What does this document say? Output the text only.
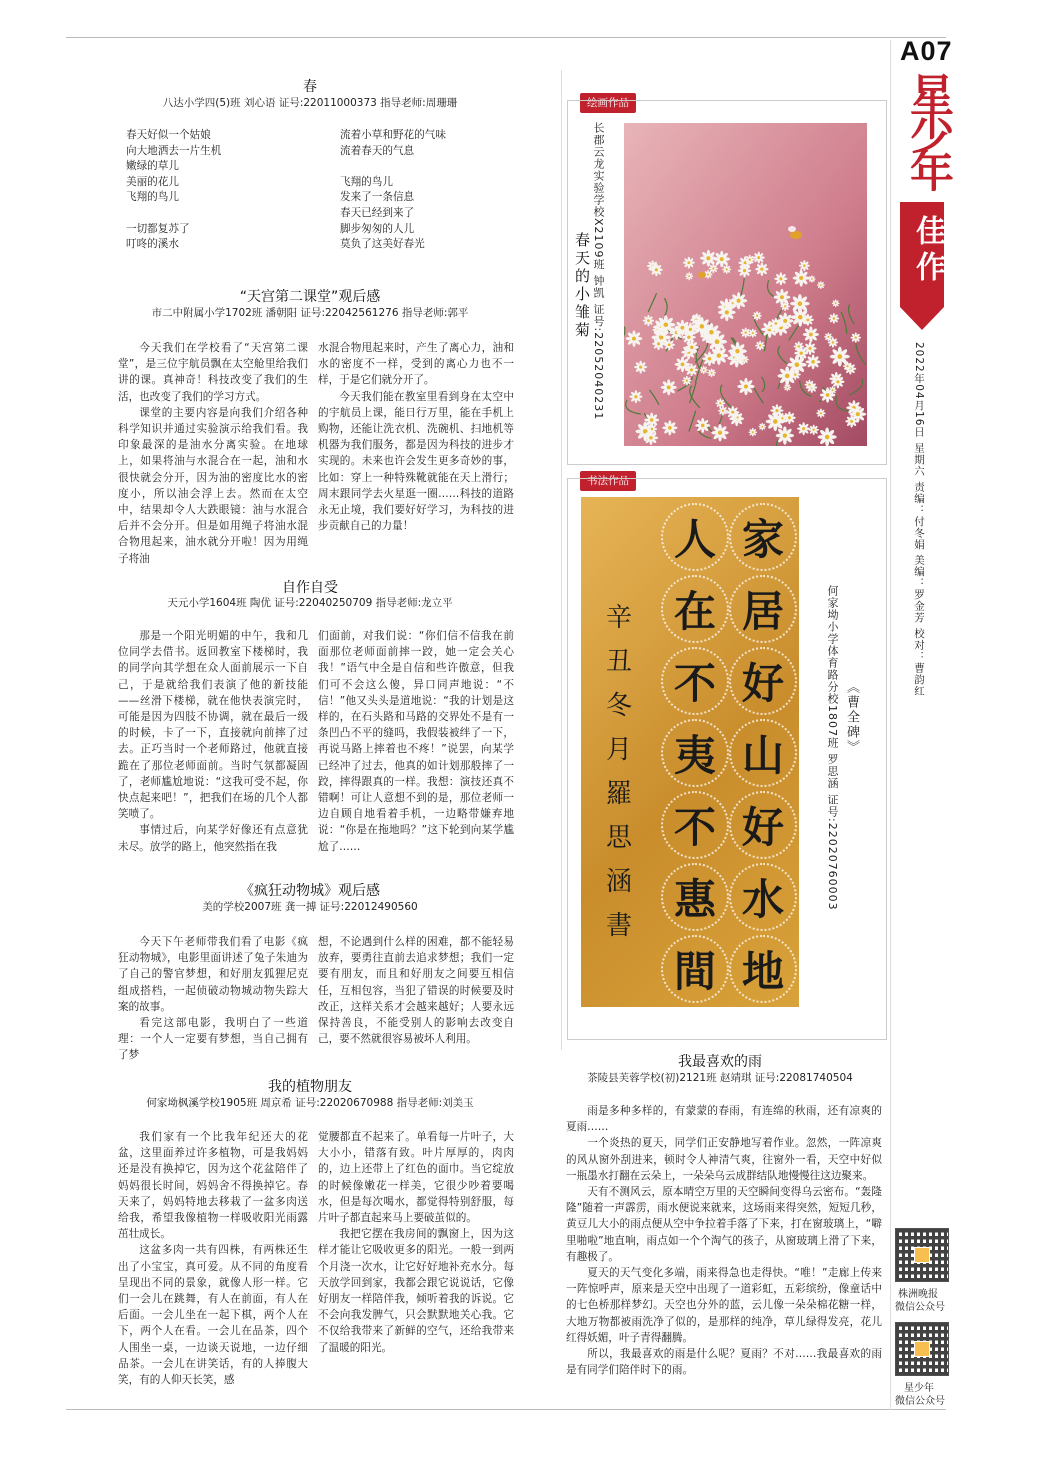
A07
星少年
佳作
2022年04月16日 星期六 责编：付冬娟 美编：罗金芳 校对：曹韵红
株洲晚报
微信公众号
星少年
微信公众号
春
八达小学四(5)班 刘心语 证号:22011000373 指导老师:周珊珊
春天好似一个姑娘
向大地洒去一片生机
嫩绿的草儿
美丽的花儿
飞翔的鸟儿
一切都复苏了
叮咚的溪水
流着小草和野花的气味
流着春天的气息
飞翔的鸟儿
发来了一条信息
春天已经到来了
脚步匆匆的人儿
莫负了这美好春光
“天宫第二课堂”观后感
市二中附属小学1702班 潘朝阳 证号:22042561276 指导老师:郭平

今天我们在学校看了“天宫第二课堂”，是三位宇航员飘在太空舱里给我们讲的课。真神奇！科技改变了我们的生活，也改变了我们的学习方式。

课堂的主要内容是向我们介绍各种科学知识并通过实验演示给我们看。我印象最深的是油水分离实验。在地球上，如果将油与水混合在一起，油和水很快就会分开，因为油的密度比水的密度小，所以油会浮上去。然而在太空中，结果却令人大跌眼镜：油与水混合后并不会分开。但是如用绳子将油水混合物甩起来，油水就分开啦！因为用绳子将油

水混合物甩起来时，产生了离心力，油和水的密度不一样，受到的离心力也不一样，于是它们就分开了。

今天我们能在教室里看到身在太空中的宇航员上课，能日行万里，能在手机上购物，还能让洗衣机、洗碗机、扫地机等机器为我们服务，都是因为科技的进步才实现的。未来也许会发生更多奇妙的事，比如：穿上一种特殊靴就能在天上滑行；周末跟同学去火星逛一圈……科技的道路永无止境，我们要好好学习，为科技的进步贡献自己的力量！

自作自受
天元小学1604班 陶优 证号:22040250709 指导老师:龙立平

那是一个阳光明媚的中午，我和几位同学去借书。返回教室下楼梯时，我的同学向其学想在众人面前展示一下自己，于是就给我们表演了他的新技能——丝滑下楼梯，就在他快表演完时，可能是因为四肢不协调，就在最后一级的时候，卡了一下，直接就向前摔了过去。正巧当时一个老师路过，他就直接跪在了那位老师面前。当时气氛都凝固了，老师尴尬地说：“这我可受不起，你快点起来吧！”，把我们在场的几个人都笑喷了。

事情过后，向某学好像还有点意犹未尽。放学的路上，他突然指在我

们面前，对我们说：“你们信不信我在前面那位老师面前摔一跤，她一定会关心我！”语气中全是自信和些许傲意，但我们可不会这么傻，异口同声地说：“不信！”他又头头是道地说：“我的计划是这样的，在石头路和马路的交界处不是有一条凹凸不平的缝吗，我假装被绊了一下，再说马路上摔着也不疼！”说罢，向某学已经冲了过去，他真的如计划那般摔了一跤，摔得跟真的一样。我想：演技还真不错啊！可让人意想不到的是，那位老师一边自顾自地看着手机，一边略带嫌弃地说：“你是在拖地吗？”这下轮到向某学尴尬了……

《疯狂动物城》观后感
美的学校2007班 龚一搏 证号:22012490560

今天下午老师带我们看了电影《疯狂动物城》，电影里面讲述了兔子朱迪为了自己的警官梦想，和好朋友狐狸尼克组成搭档，一起侦破动物城动物失踪大案的故事。

看完这部电影，我明白了一些道理：一个人一定要有梦想，当自己拥有了梦

想，不论遇到什么样的困难，都不能轻易放弃，要勇往直前去追求梦想；我们一定要有朋友，而且和好朋友之间要互相信任，互相包容，当犯了错误的时候要及时改正，这样关系才会越来越好；人要永远保持善良，不能受别人的影响去改变自己，要不然就很容易被坏人利用。

我的植物朋友
何家坳枫溪学校1905班 周京希 证号:22020670988 指导老师:刘美玉

我们家有一个比我年纪还大的花盆，这里面养过许多植物，可是我妈妈还是没有换掉它，因为这个花盆陪伴了妈妈很长时间，妈妈舍不得换掉它。春天来了，妈妈特地去移栽了一盆多肉送给我，希望我像植物一样吸收阳光雨露茁壮成长。

这盆多肉一共有四株，有两株还生出了小宝宝，真可爱。从不同的角度看呈现出不同的景象，就像人形一样。它们一会儿在跳舞，有人在前面，有人在后面。一会儿坐在一起下棋，两个人在下，两个人在看。一会儿在品茶，四个人围坐一桌，一边谈天说地，一边仔细品茶。一会儿在讲笑话，有的人捧腹大笑，有的人仰天长笑，感

觉腰都直不起来了。单看每一片叶子，大大小小，错落有致。叶片厚厚的，肉肉的，边上还带上了红色的面巾。当它绽放的时候像嫩花一样美，它很少吵着要喝水，但是每次喝水，都觉得特别舒服，每片叶子都直起来马上要破茧似的。

我把它摆在我房间的飘窗上，因为这样才能让它吸收更多的阳光。一般一到两个月浇一次水，让它好好地补充水分。每天放学回到家，我都会跟它说说话，它像好朋友一样陪伴我，倾听着我的诉说。它不会向我发脾气，只会默默地关心我。它不仅给我带来了新鲜的空气，还给我带来了温暖的阳光。

绘画作品
长郡云龙实验学校X2109班 钟凯 证号:22052040231
春天的小雏菊
书法作品
家
居
好
山
好
水
地
人
在
不
夷
不
惠
間
辛
丑
冬
月
羅
思
涵
書
《曹全碑》
何家坳小学体育路分校1807班 罗思涵 证号:22020760003
我最喜欢的雨
茶陵县芙蓉学校(初)2121班 赵靖琪 证号:22081740504

雨是多种多样的，有蒙蒙的春雨，有连绵的秋雨，还有凉爽的夏雨……

一个炎热的夏天，同学们正安静地写着作业。忽然，一阵凉爽的风从窗外刮进来，顿时令人神清气爽，往窗外一看，天空中好似一瓶墨水打翻在云朵上，一朵朵乌云成群结队地慢慢往这边聚来。

天有不测风云，原本晴空万里的天空瞬间变得乌云密布。“轰隆隆”随着一声霹雳，雨水便说来就来，这场雨来得突然，短短几秒，黄豆儿大小的雨点便从空中争拉着手落了下来，打在窗玻璃上，“噼里啪啦”地直响，雨点如一个个淘气的孩子，从窗玻璃上滑了下来，有趣极了。

夏天的天气变化多端，雨来得急也走得快。“唯！”走廊上传来一阵惊呼声，原来是天空中出现了一道彩虹，五彩缤纷，像童话中的七色桥那样梦幻。天空也分外的蓝，云儿像一朵朵棉花糖一样，大地万物都被雨洗净了似的，是那样的纯净，草儿绿得发亮，花儿红得妖媚，叶子青得翻腾。

所以，我最喜欢的雨是什么呢？夏雨？不对……我最喜欢的雨是有同学们陪伴时下的雨。
